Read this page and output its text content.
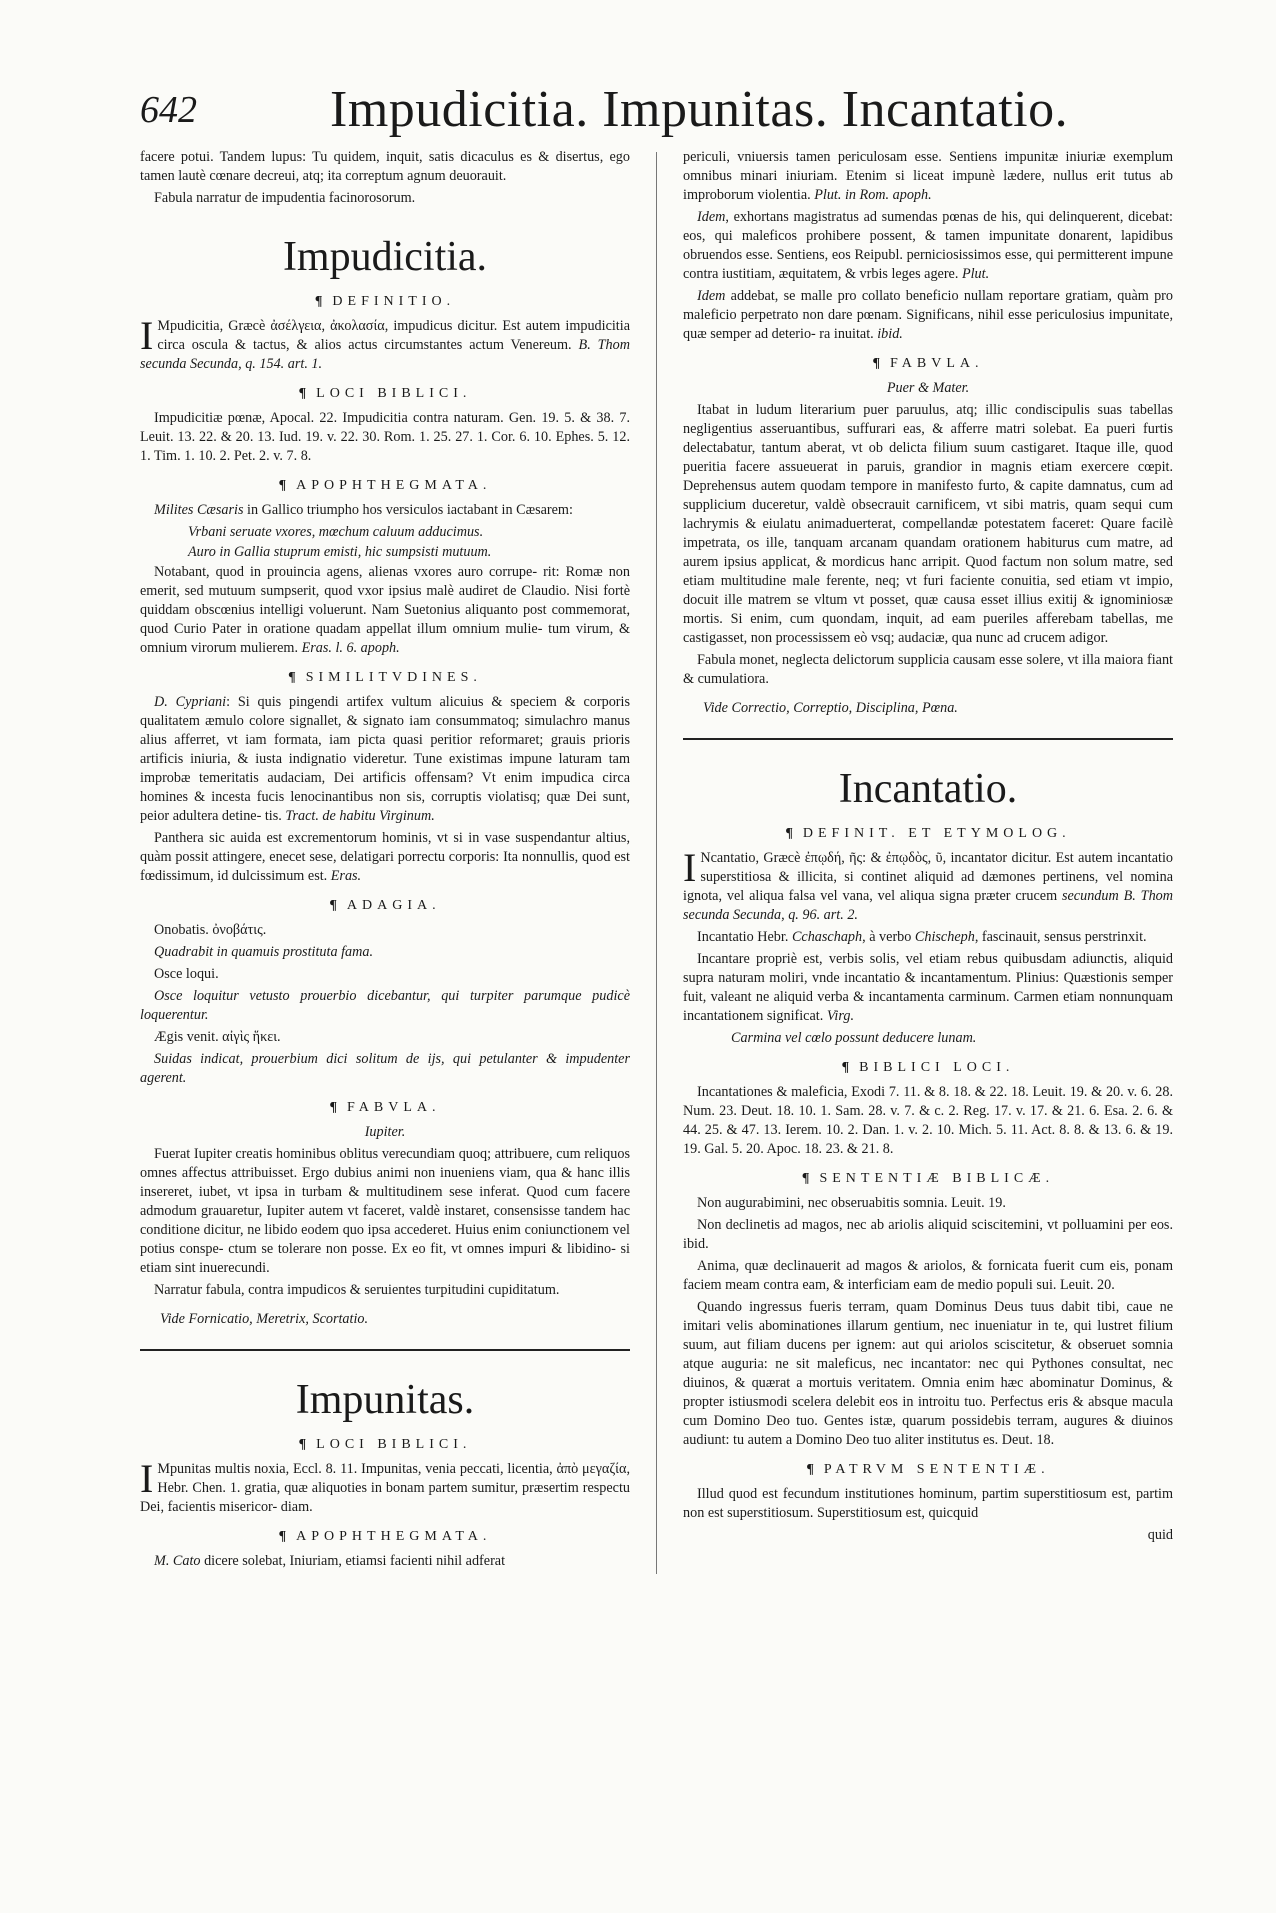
642	Impudicitia. Impunitas. Incantatio.

facere potui. Tandem lupus: Tu quidem, inquit, satis dicaculus es & disertus, ego tamen lautè cœnare decreui, atq; ita correptum agnum deuorauit.

Fabula narratur de impudentia facinorosorum.

Impudicitia.
¶ DEFINITIO.

I Mpudicitia, Græcè ἀσέλγεια, ἀκολασία, impudicus dicitur. Est autem impudicitia circa oscula & tactus, & alios actus circumstantes actum Venereum. B. Thom secunda Secunda, q. 154. art. 1.

¶ LOCI BIBLICI.

Impudicitiæ pœnæ, Apocal. 22. Impudicitia contra naturam. Gen. 19. 5. & 38. 7. Leuit. 13. 22. & 20. 13. Iud. 19. v. 22. 30. Rom. 1. 25. 27. 1. Cor. 6. 10. Ephes. 5. 12. 1. Tim. 1. 10. 2. Pet. 2. v. 7. 8.

¶ APOPHTHEGMATA.

Milites Cæsaris in Gallico triumpho hos versiculos iactabant in Cæsarem:

Vrbani seruate vxores, mœchum caluum adducimus.

Auro in Gallia stuprum emisti, hic sumpsisti mutuum.

Notabant, quod in prouincia agens, alienas vxores auro corrupe- rit: Romæ non emerit, sed mutuum sumpserit, quod vxor ipsius malè audiret de Claudio. Nisi fortè quiddam obscœnius intelligi voluerunt. Nam Suetonius aliquanto post commemorat, quod Curio Pater in oratione quadam appellat illum omnium mulie- tum virum, & omnium virorum mulierem. Eras. l. 6. apoph.

¶ SIMILITVDINES.

D. Cypriani: Si quis pingendi artifex vultum alicuius & speciem & corporis qualitatem æmulo colore signallet, & signato iam consummatoq; simulachro manus alius afferret, vt iam formata, iam picta quasi peritior reformaret; grauis prioris artificis iniuria, & iusta indignatio videretur. Tune existimas impune laturam tam improbæ temeritatis audaciam, Dei artificis offensam? Vt enim impudica circa homines & incesta fucis lenocinantibus non sis, corruptis violatisq; quæ Dei sunt, peior adultera detine- tis. Tract. de habitu Virginum.

Panthera sic auida est excrementorum hominis, vt si in vase suspendantur altius, quàm possit attingere, enecet sese, delatigari porrectu corporis: Ita nonnullis, quod est fœdissimum, id dulcissimum est. Eras.

¶ ADAGIA.

Onobatis. ὀνοβάτις.

Quadrabit in quamuis prostituta fama.

Osce loqui.

Osce loquitur vetusto prouerbio dicebantur, qui turpiter parumque pudicè loquerentur.

Ægis venit. αἰγὶς ἥκει.

Suidas indicat, prouerbium dici solitum de ijs, qui petulanter & impudenter agerent.

¶ FABVLA.
Iupiter.

Fuerat Iupiter creatis hominibus oblitus verecundiam quoq; attribuere, cum reliquos omnes affectus attribuisset. Ergo dubius animi non inueniens viam, qua & hanc illis insereret, iubet, vt ipsa in turbam & multitudinem sese inferat. Quod cum facere admodum grauaretur, Iupiter autem vt faceret, valdè instaret, consensisse tandem hac conditione dicitur, ne libido eodem quo ipsa accederet. Huius enim coniunctionem vel potius conspe- ctum se tolerare non posse. Ex eo fit, vt omnes impuri & libidino- si etiam sint inuerecundi.

Narratur fabula, contra impudicos & seruientes turpitudini cupiditatum.

Vide Fornicatio, Meretrix, Scortatio.

Impunitas.
¶ LOCI BIBLICI.

I Mpunitas multis noxia, Eccl. 8. 11. Impunitas, venia peccati, licentia, ἀπὸ μεγαζία, Hebr. Chen. 1. gratia, quæ aliquoties in bonam partem sumitur, præsertim respectu Dei, facientis misericor- diam.

¶ APOPHTHEGMATA.

M. Cato dicere solebat, Iniuriam, etiamsi facienti nihil adferat

periculi, vniuersis tamen periculosam esse. Sentiens impunitæ iniuriæ exemplum omnibus minari iniuriam. Etenim si liceat impunè lædere, nullus erit tutus ab improborum violentia. Plut. in Rom. apoph.

Idem, exhortans magistratus ad sumendas pœnas de his, qui delinquerent, dicebat: eos, qui maleficos prohibere possent, & tamen impunitate donarent, lapidibus obruendos esse. Sentiens, eos Reipubl. perniciosissimos esse, qui permitterent impune contra iustitiam, æquitatem, & vrbis leges agere. Plut.

Idem addebat, se malle pro collato beneficio nullam reportare gratiam, quàm pro maleficio perpetrato non dare pœnam. Significans, nihil esse periculosius impunitate, quæ semper ad deterio- ra inuitat. ibid.

¶ FABVLA.
Puer & Mater.

Itabat in ludum literarium puer paruulus, atq; illic condiscipulis suas tabellas negligentius asseruantibus, suffurari eas, & afferre matri solebat. Ea pueri furtis delectabatur, tantum aberat, vt ob delicta filium suum castigaret. Itaque ille, quod pueritia facere assueuerat in paruis, grandior in magnis etiam exercere cœpit. Deprehensus autem quodam tempore in manifesto furto, & capite damnatus, cum ad supplicium duceretur, valdè obsecrauit carnificem, vt sibi matris, quam sequi cum lachrymis & eiulatu animaduerterat, compellandæ potestatem faceret: Quare facilè impetrata, os ille, tanquam arcanam quandam orationem habiturus cum matre, ad aurem ipsius applicat, & mordicus hanc arripit. Quod factum non solum matre, sed etiam multitudine male ferente, neq; vt furi faciente conuitia, sed etiam vt impio, docuit ille matrem se vltum vt posset, quæ causa esset illius exitij & ignominiosæ mortis. Si enim, cum quondam, inquit, ad eam pueriles afferebam tabellas, me castigasset, non processissem eò vsq; audaciæ, qua nunc ad crucem adigor.

Fabula monet, neglecta delictorum supplicia causam esse solere, vt illa maiora fiant & cumulatiora.

Vide Correctio, Correptio, Disciplina, Pœna.

Incantatio.
¶ DEFINIT. ET ETYMOLOG.

I Ncantatio, Græcè ἐπῳδή, ῆς: & ἐπῳδὸς, ῦ, incantator dicitur. Est autem incantatio superstitiosa & illicita, si continet aliquid ad dæmones pertinens, vel nomina ignota, vel aliqua falsa vel vana, vel aliqua signa præter crucem secundum B. Thom secunda Secunda, q. 96. art. 2.

Incantatio Hebr. Cchaschaph, à verbo Chischeph, fascinauit, sensus perstrinxit.

Incantare propriè est, verbis solis, vel etiam rebus quibusdam adiunctis, aliquid supra naturam moliri, vnde incantatio & incantamentum. Plinius: Quæstionis semper fuit, valeant ne aliquid verba & incantamenta carminum. Carmen etiam nonnunquam incantationem significat. Virg.

Carmina vel cœlo possunt deducere lunam.

¶ BIBLICI LOCI.

Incantationes & maleficia, Exodi 7. 11. & 8. 18. & 22. 18. Leuit. 19. & 20. v. 6. 28. Num. 23. Deut. 18. 10. 1. Sam. 28. v. 7. & c. 2. Reg. 17. v. 17. & 21. 6. Esa. 2. 6. & 44. 25. & 47. 13. Ierem. 10. 2. Dan. 1. v. 2. 10. Mich. 5. 11. Act. 8. 8. & 13. 6. & 19. 19. Gal. 5. 20. Apoc. 18. 23. & 21. 8.

¶ SENTENTIÆ BIBLICÆ.

Non augurabimini, nec obseruabitis somnia. Leuit. 19.

Non declinetis ad magos, nec ab ariolis aliquid sciscitemini, vt polluamini per eos. ibid.

Anima, quæ declinauerit ad magos & ariolos, & fornicata fuerit cum eis, ponam faciem meam contra eam, & interficiam eam de medio populi sui. Leuit. 20.

Quando ingressus fueris terram, quam Dominus Deus tuus dabit tibi, caue ne imitari velis abominationes illarum gentium, nec inueniatur in te, qui lustret filium suum, aut filiam ducens per ignem: aut qui ariolos sciscitetur, & obseruet somnia atque auguria: ne sit maleficus, nec incantator: nec qui Pythones consultat, nec diuinos, & quærat a mortuis veritatem. Omnia enim hæc abominatur Dominus, & propter istiusmodi scelera delebit eos in introitu tuo. Perfectus eris & absque macula cum Domino Deo tuo. Gentes istæ, quarum possidebis terram, augures & diuinos audiunt: tu autem a Domino Deo tuo aliter institutus es. Deut. 18.

¶ PATRVM SENTENTIÆ.

Illud quod est fecundum institutiones hominum, partim superstitiosum est, partim non est superstitiosum. Superstitiosum est, quicquid

quid
